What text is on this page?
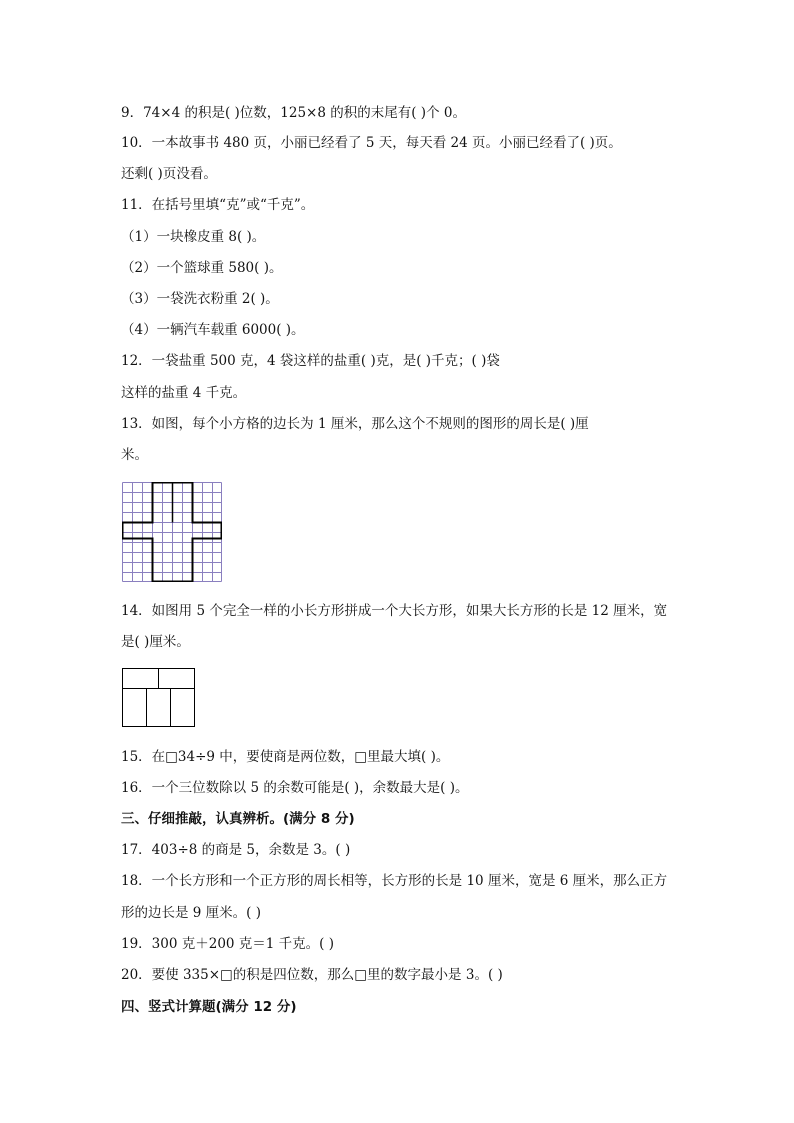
9．74×4 的积是( )位数，125×8 的积的末尾有( )个 0。
10．一本故事书 480 页，小丽已经看了 5 天，每天看 24 页。小丽已经看了( )页。
还剩( )页没看。
11．在括号里填“克”或“千克”。
（1）一块橡皮重 8( )。
（2）一个篮球重 580( )。
（3）一袋洗衣粉重 2( )。
（4）一辆汽车载重 6000( )。
12．一袋盐重 500 克，4 袋这样的盐重( )克，是( )千克；( )袋
这样的盐重 4 千克。
13．如图，每个小方格的边长为 1 厘米，那么这个不规则的图形的周长是( )厘
米。
14．如图用 5 个完全一样的小长方形拼成一个大长方形，如果大长方形的长是 12 厘米，宽
是( )厘米。
15．在□34÷9 中，要使商是两位数，□里最大填( )。
16．一个三位数除以 5 的余数可能是( )，余数最大是( )。
三、仔细推敲，认真辨析。(满分 8 分)
17．403÷8 的商是 5，余数是 3。( )
18．一个长方形和一个正方形的周长相等，长方形的长是 10 厘米，宽是 6 厘米，那么正方
形的边长是 9 厘米。( )
19．300 克＋200 克＝1 千克。( )
20．要使 335×□的积是四位数，那么□里的数字最小是 3。( )
四、竖式计算题(满分 12 分)
